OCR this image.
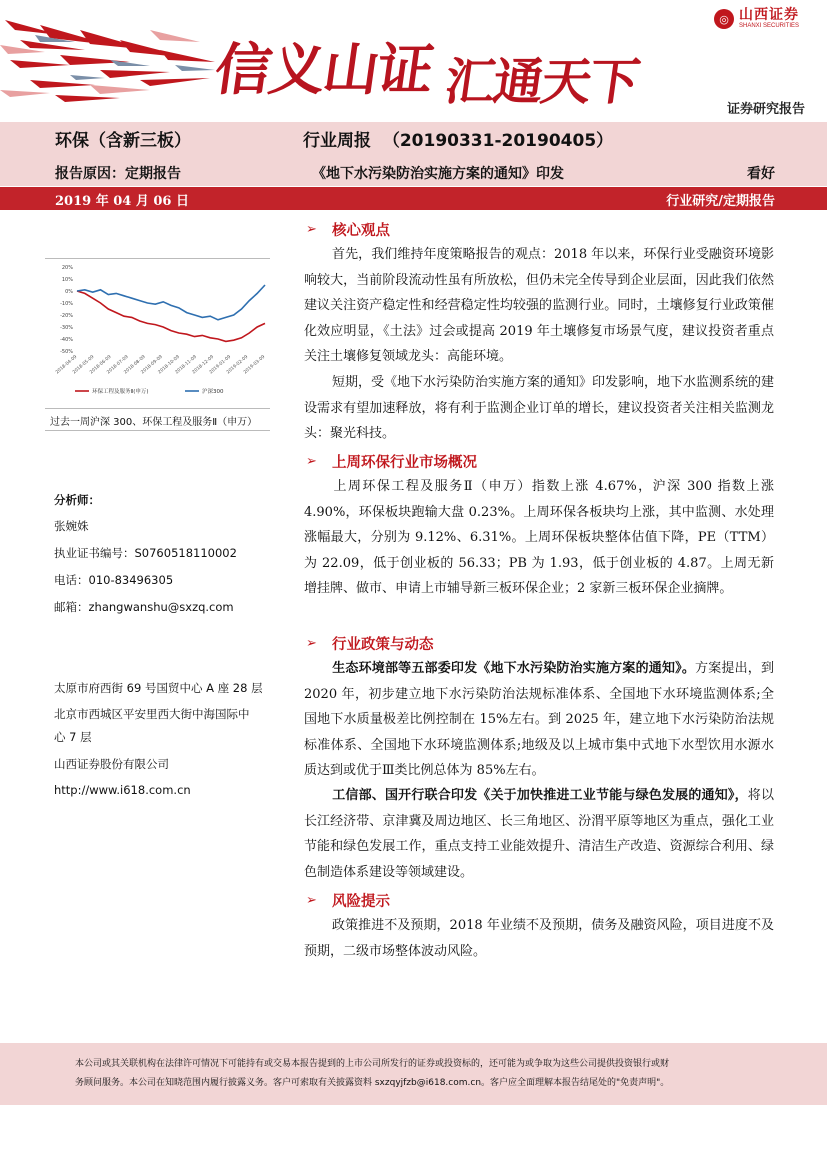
信义山证 汇通天下
◎ 山西证券
SHANXI SECURITIES
证券研究报告
环保（含新三板）	行业周报  （20190331-20190405）
报告原因：定期报告	《地下水污染防治实施方案的通知》印发	看好
2019 年 04 月 06 日	行业研究/定期报告
20%
10%
0%
-10%
-20%
-30%
-40%
-50%
2018-04-09
2018-05-09
2018-06-09
2018-07-09
2018-08-09
2018-09-09
2018-10-09
2018-11-09
2018-12-09
2019-01-09
2019-02-09
2019-03-09
环保工程及服务Ⅱ(申万)	沪深300
过去一周沪深 300、环保工程及服务Ⅱ（申万）
分析师：
张婉姝
执业证书编号：S0760518110002
电话：010-83496305
邮箱：zhangwanshu@sxzq.com
太原市府西街 69 号国贸中心 A 座 28 层
北京市西城区平安里西大街中海国际中
心 7 层
山西证券股份有限公司
http://www.i618.com.cn
➢	核心观点
首先，我们维持年度策略报告的观点：2018 年以来，环保行业受融资环境影响较大，当前阶段流动性虽有所放松，但仍未完全传导到企业层面，因此我们依然建议关注资产稳定性和经营稳定性均较强的监测行业。同时，土壤修复行业政策催化效应明显，《土法》过会或提高 2019 年土壤修复市场景气度，建议投资者重点关注土壤修复领域龙头：高能环境。
短期，受《地下水污染防治实施方案的通知》印发影响，地下水监测系统的建设需求有望加速释放，将有利于监测企业订单的增长，建议投资者关注相关监测龙头：聚光科技。
➢	上周环保行业市场概况
上周环保工程及服务Ⅱ（申万）指数上涨 4.67%，沪深 300 指数上涨 4.90%，环保板块跑输大盘 0.23%。上周环保各板块均上涨，其中监测、水处理涨幅最大，分别为 9.12%、6.31%。上周环保板块整体估值下降，PE（TTM）为 22.09，低于创业板的 56.33；PB 为 1.93，低于创业板的 4.87。上周无新增挂牌、做市、申请上市辅导新三板环保企业；2 家新三板环保企业摘牌。
➢	行业政策与动态
生态环境部等五部委印发《地下水污染防治实施方案的通知》。方案提出，到 2020 年，初步建立地下水污染防治法规标准体系、全国地下水环境监测体系;全国地下水质量极差比例控制在 15%左右。到 2025 年，建立地下水污染防治法规标准体系、全国地下水环境监测体系;地级及以上城市集中式地下水型饮用水源水质达到或优于Ⅲ类比例总体为 85%左右。
工信部、国开行联合印发《关于加快推进工业节能与绿色发展的通知》，将以长江经济带、京津冀及周边地区、长三角地区、汾渭平原等地区为重点，强化工业节能和绿色发展工作，重点支持工业能效提升、清洁生产改造、资源综合利用、绿色制造体系建设等领域建设。
➢	风险提示
政策推进不及预期，2018 年业绩不及预期，债务及融资风险，项目进度不及预期，二级市场整体波动风险。
本公司或其关联机构在法律许可情况下可能持有或交易本报告提到的上市公司所发行的证券或投资标的，还可能为或争取为这些公司提供投资银行或财
务顾问服务。本公司在知晓范围内履行披露义务。客户可索取有关披露资料 sxzqyjfzb@i618.com.cn。客户应全面理解本报告结尾处的"免责声明"。
